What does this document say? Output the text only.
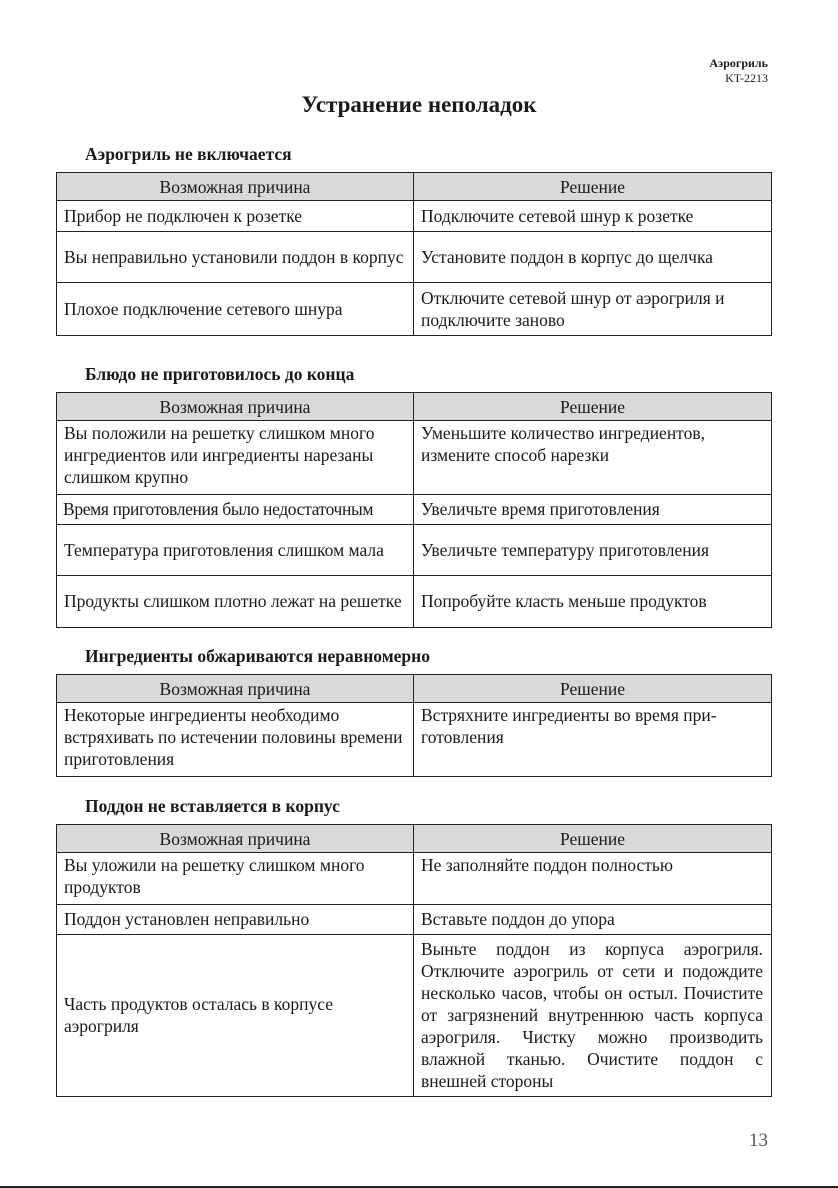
Аэрогриль
KT-2213
Устранение неполадок
Аэрогриль не включается
Возможная причина	Решение
Прибор не подключен к розетке	Подключите сетевой шнур к розетке
Вы неправильно установили поддон в корпус	Установите поддон в корпус до щелчка
Плохое подключение сетевого шнура	Отключите сетевой шнур от аэрогриля и подключите заново
Блюдо не приготовилось до конца
Возможная причина	Решение
Вы положили на решетку слишком много ингредиентов или ингредиенты нарезаны слишком крупно	Уменьшите количество ингредиентов, измените способ нарезки
Время приготовления было недостаточным	Увеличьте время приготовления
Температура приготовления слишком мала	Увеличьте температуру приготовления
Продукты слишком плотно лежат на решетке	Попробуйте класть меньше продуктов
Ингредиенты обжариваются неравномерно
Возможная причина	Решение
Некоторые ингредиенты необходимо встряхивать по истечении половины времени приготовления	Встряхните ингредиенты во время приготовления
Поддон не вставляется в корпус
Возможная причина	Решение
Вы уложили на решетку слишком много продуктов	Не заполняйте поддон полностью
Поддон установлен неправильно	Вставьте поддон до упора
Часть продуктов осталась в корпусе аэрогриля	Выньте поддон из корпуса аэрогриля. Отключите аэрогриль от сети и подождите несколько часов, чтобы он остыл. Почистите от загрязнений внутреннюю часть корпуса аэрогриля. Чистку можно производить влажной тканью. Очистите поддон с внешней стороны
13
